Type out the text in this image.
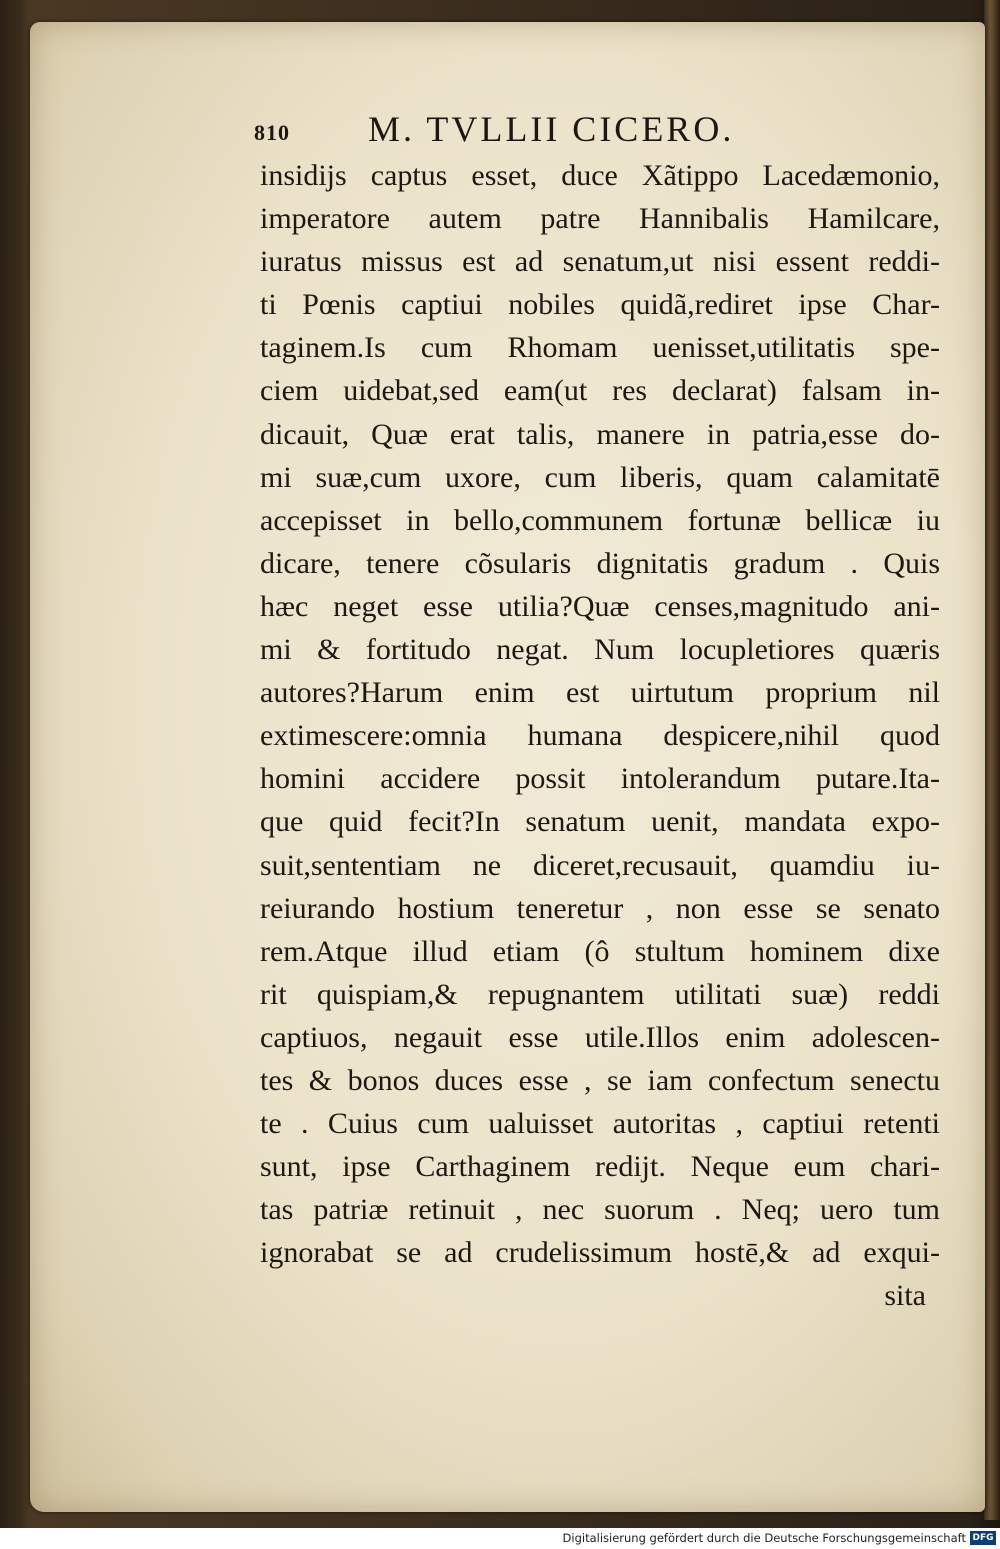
810 M. TVLLII CICERO.
insidijs captus esset, duce Xãtippo Lacedæmonio,
imperatore autem patre Hannibalis Hamilcare,
iuratus missus est ad senatum,ut nisi essent reddi-
ti Pœnis captiui nobiles quidã,rediret ipse Char-
taginem.Is cum Rhomam uenisset,utilitatis spe-
ciem uidebat,sed eam(ut res declarat) falsam in-
dicauit, Quæ erat talis, manere in patria,esse do-
mi suæ,cum uxore, cum liberis, quam calamitatē
accepisset in bello,communem fortunæ bellicæ iu
dicare, tenere cõsularis dignitatis gradum . Quis
hæc neget esse utilia?Quæ censes,magnitudo ani-
mi & fortitudo negat. Num locupletiores quæris
autores?Harum enim est uirtutum proprium nil
extimescere:omnia humana despicere,nihil quod
homini accidere possit intolerandum putare.Ita-
que quid fecit?In senatum uenit, mandata expo-
suit,sententiam ne diceret,recusauit, quamdiu iu-
reiurando hostium teneretur , non esse se senato
rem.Atque illud etiam (ô stultum hominem dixe
rit quispiam,& repugnantem utilitati suæ) reddi
captiuos, negauit esse utile.Illos enim adolescen-
tes & bonos duces esse , se iam confectum senectu
te . Cuius cum ualuisset autoritas , captiui retenti
sunt, ipse Carthaginem redijt. Neque eum chari-
tas patriæ retinuit , nec suorum . Neq; uero tum
ignorabat se ad crudelissimum hostē,& ad exqui-
sita
Digitalisierung gefördert durch die Deutsche Forschungsgemeinschaft DFG
